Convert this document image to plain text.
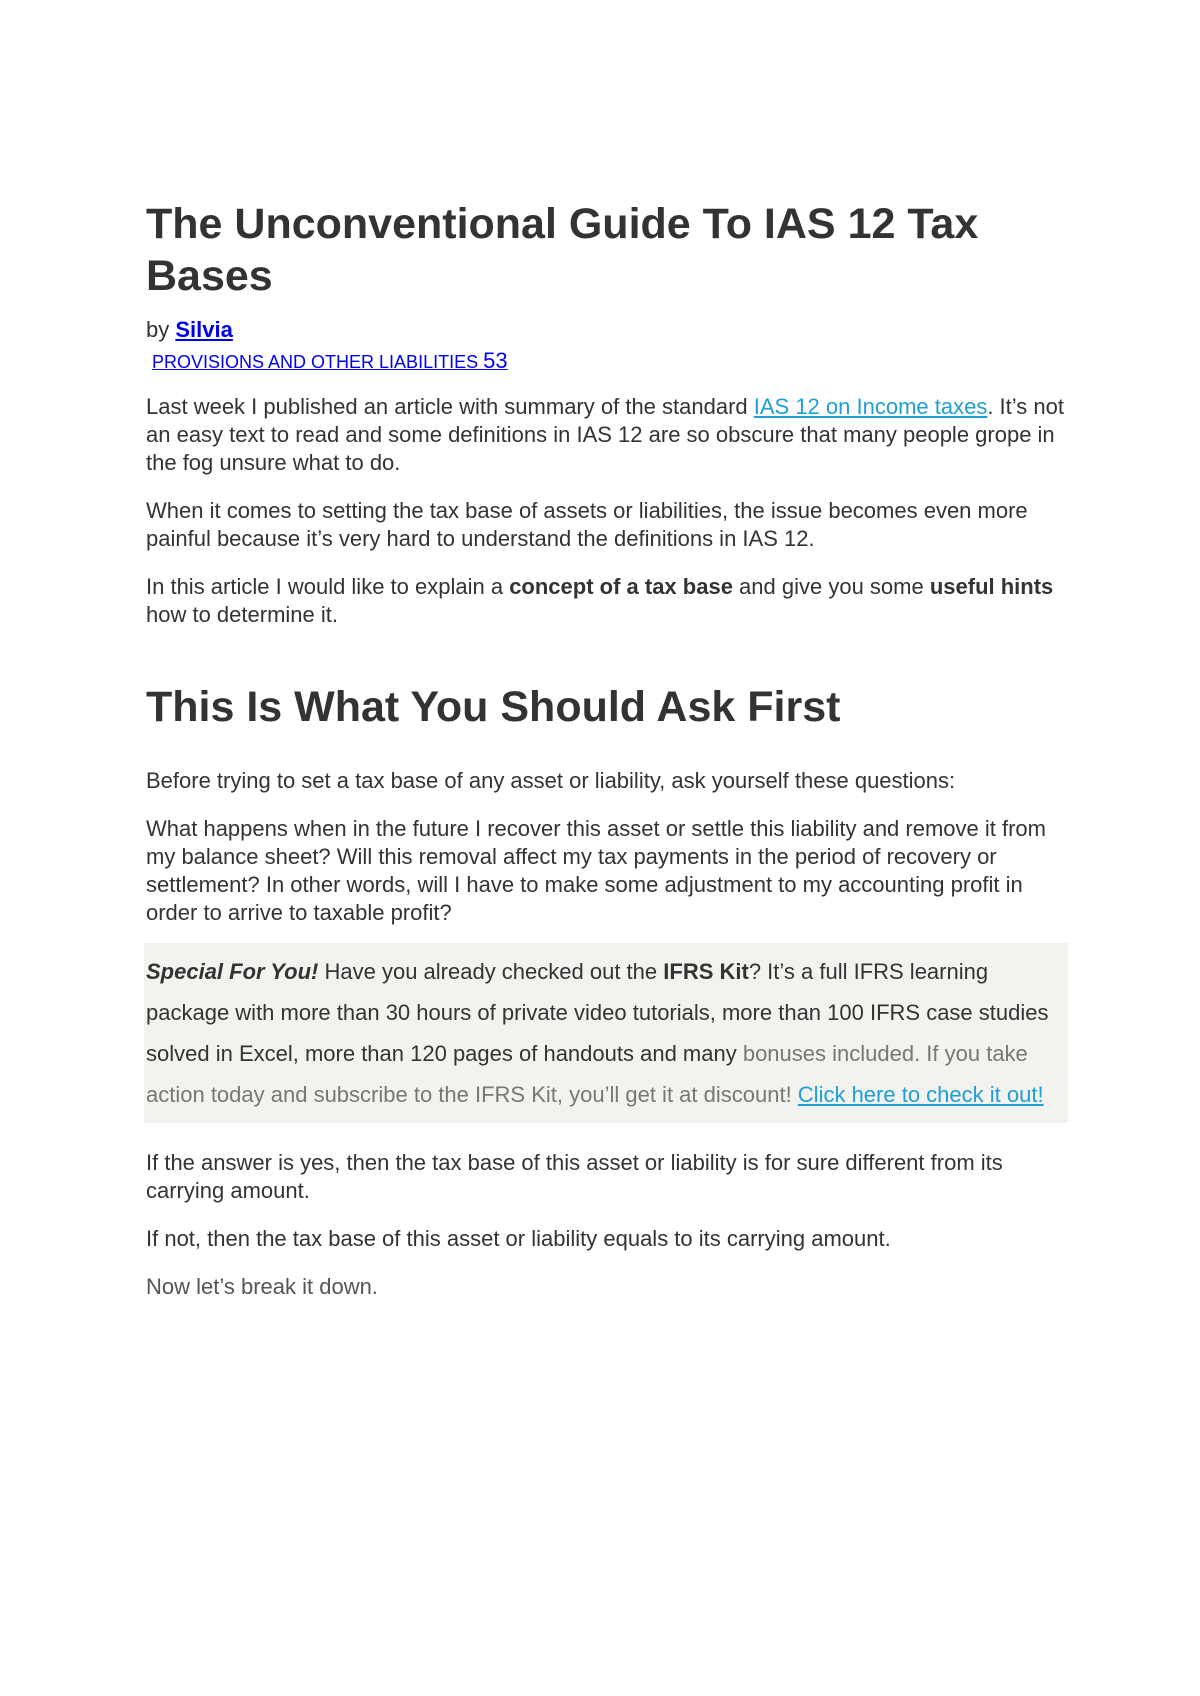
The Unconventional Guide To IAS 12 Tax Bases
by Silvia
PROVISIONS AND OTHER LIABILITIES 53

Last week I published an article with summary of the standard IAS 12 on Income taxes. It’s not an easy text to read and some definitions in IAS 12 are so obscure that many people grope in the fog unsure what to do.

When it comes to setting the tax base of assets or liabilities, the issue becomes even more painful because it’s very hard to understand the definitions in IAS 12.

In this article I would like to explain a concept of a tax base and give you some useful hints how to determine it.

This Is What You Should Ask First

Before trying to set a tax base of any asset or liability, ask yourself these questions:

What happens when in the future I recover this asset or settle this liability and remove it from my balance sheet? Will this removal affect my tax payments in the period of recovery or settlement? In other words, will I have to make some adjustment to my accounting profit in order to arrive to taxable profit?

Special For You! Have you already checked out the IFRS Kit? It’s a full IFRS learning package with more than 30 hours of private video tutorials, more than 100 IFRS case studies solved in Excel, more than 120 pages of handouts and many bonuses included. If you take action today and subscribe to the IFRS Kit, you’ll get it at discount! Click here to check it out!

If the answer is yes, then the tax base of this asset or liability is for sure different from its carrying amount.

If not, then the tax base of this asset or liability equals to its carrying amount.

Now let’s break it down.
